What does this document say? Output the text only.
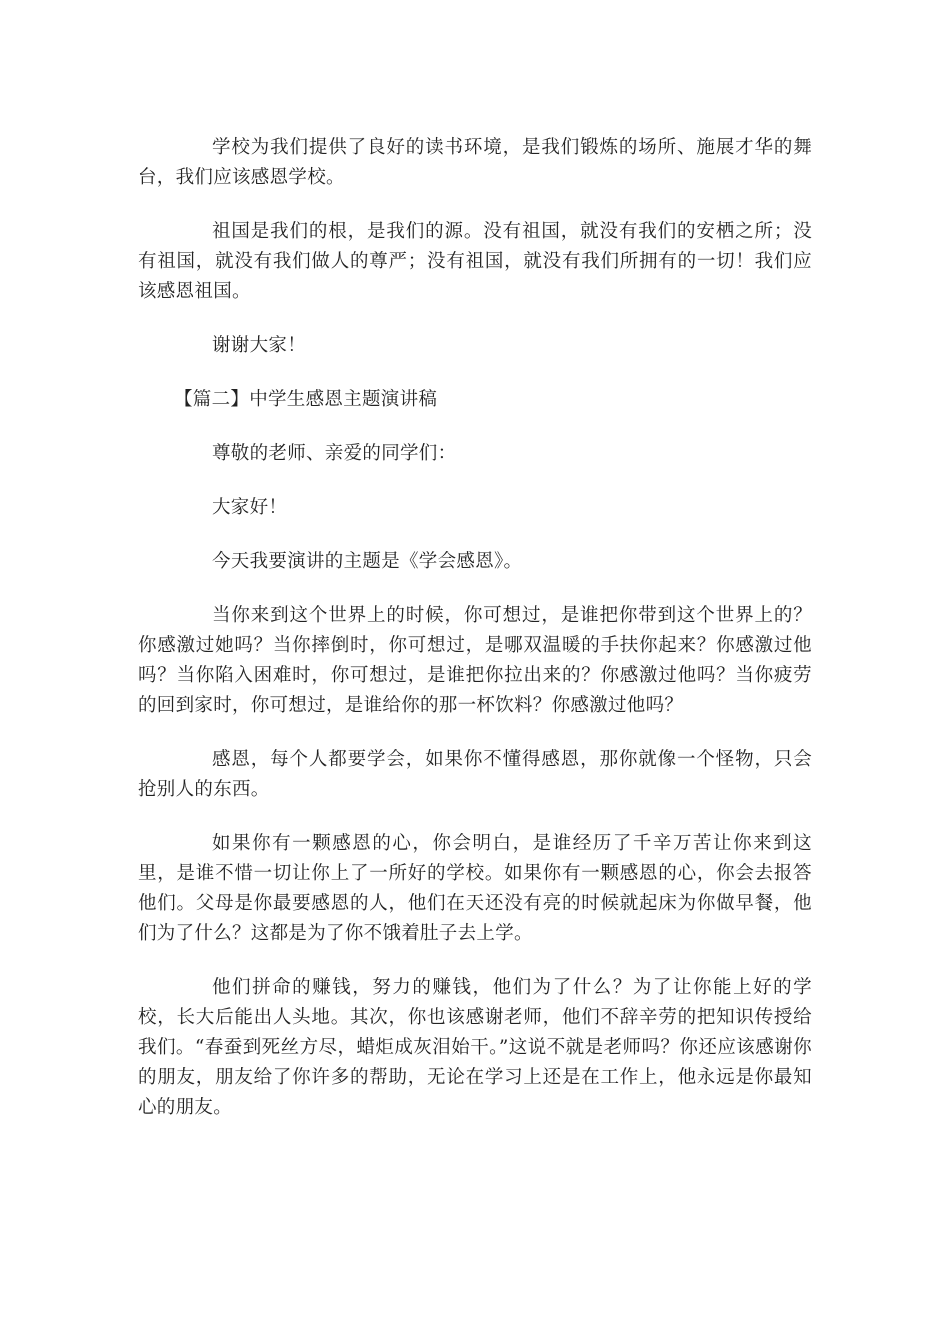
学校为我们提供了良好的读书环境，是我们锻炼的场所、施展才华的舞台，我们应该感恩学校。

祖国是我们的根，是我们的源。没有祖国，就没有我们的安栖之所；没有祖国，就没有我们做人的尊严；没有祖国，就没有我们所拥有的一切！我们应该感恩祖国。

谢谢大家！

【篇二】中学生感恩主题演讲稿

尊敬的老师、亲爱的同学们：

大家好！

今天我要演讲的主题是《学会感恩》。

当你来到这个世界上的时候，你可想过，是谁把你带到这个世界上的？你感激过她吗？当你摔倒时，你可想过，是哪双温暖的手扶你起来？你感激过他吗？当你陷入困难时，你可想过，是谁把你拉出来的？你感激过他吗？当你疲劳的回到家时，你可想过，是谁给你的那一杯饮料？你感激过他吗？

感恩，每个人都要学会，如果你不懂得感恩，那你就像一个怪物，只会抢别人的东西。

如果你有一颗感恩的心，你会明白，是谁经历了千辛万苦让你来到这里，是谁不惜一切让你上了一所好的学校。如果你有一颗感恩的心，你会去报答他们。父母是你最要感恩的人，他们在天还没有亮的时候就起床为你做早餐，他们为了什么？这都是为了你不饿着肚子去上学。

他们拼命的赚钱，努力的赚钱，他们为了什么？为了让你能上好的学校，长大后能出人头地。其次，你也该感谢老师，他们不辞辛劳的把知识传授给我们。“春蚕到死丝方尽，蜡炬成灰泪始干。”这说不就是老师吗？你还应该感谢你的朋友，朋友给了你许多的帮助，无论在学习上还是在工作上，他永远是你最知心的朋友。
